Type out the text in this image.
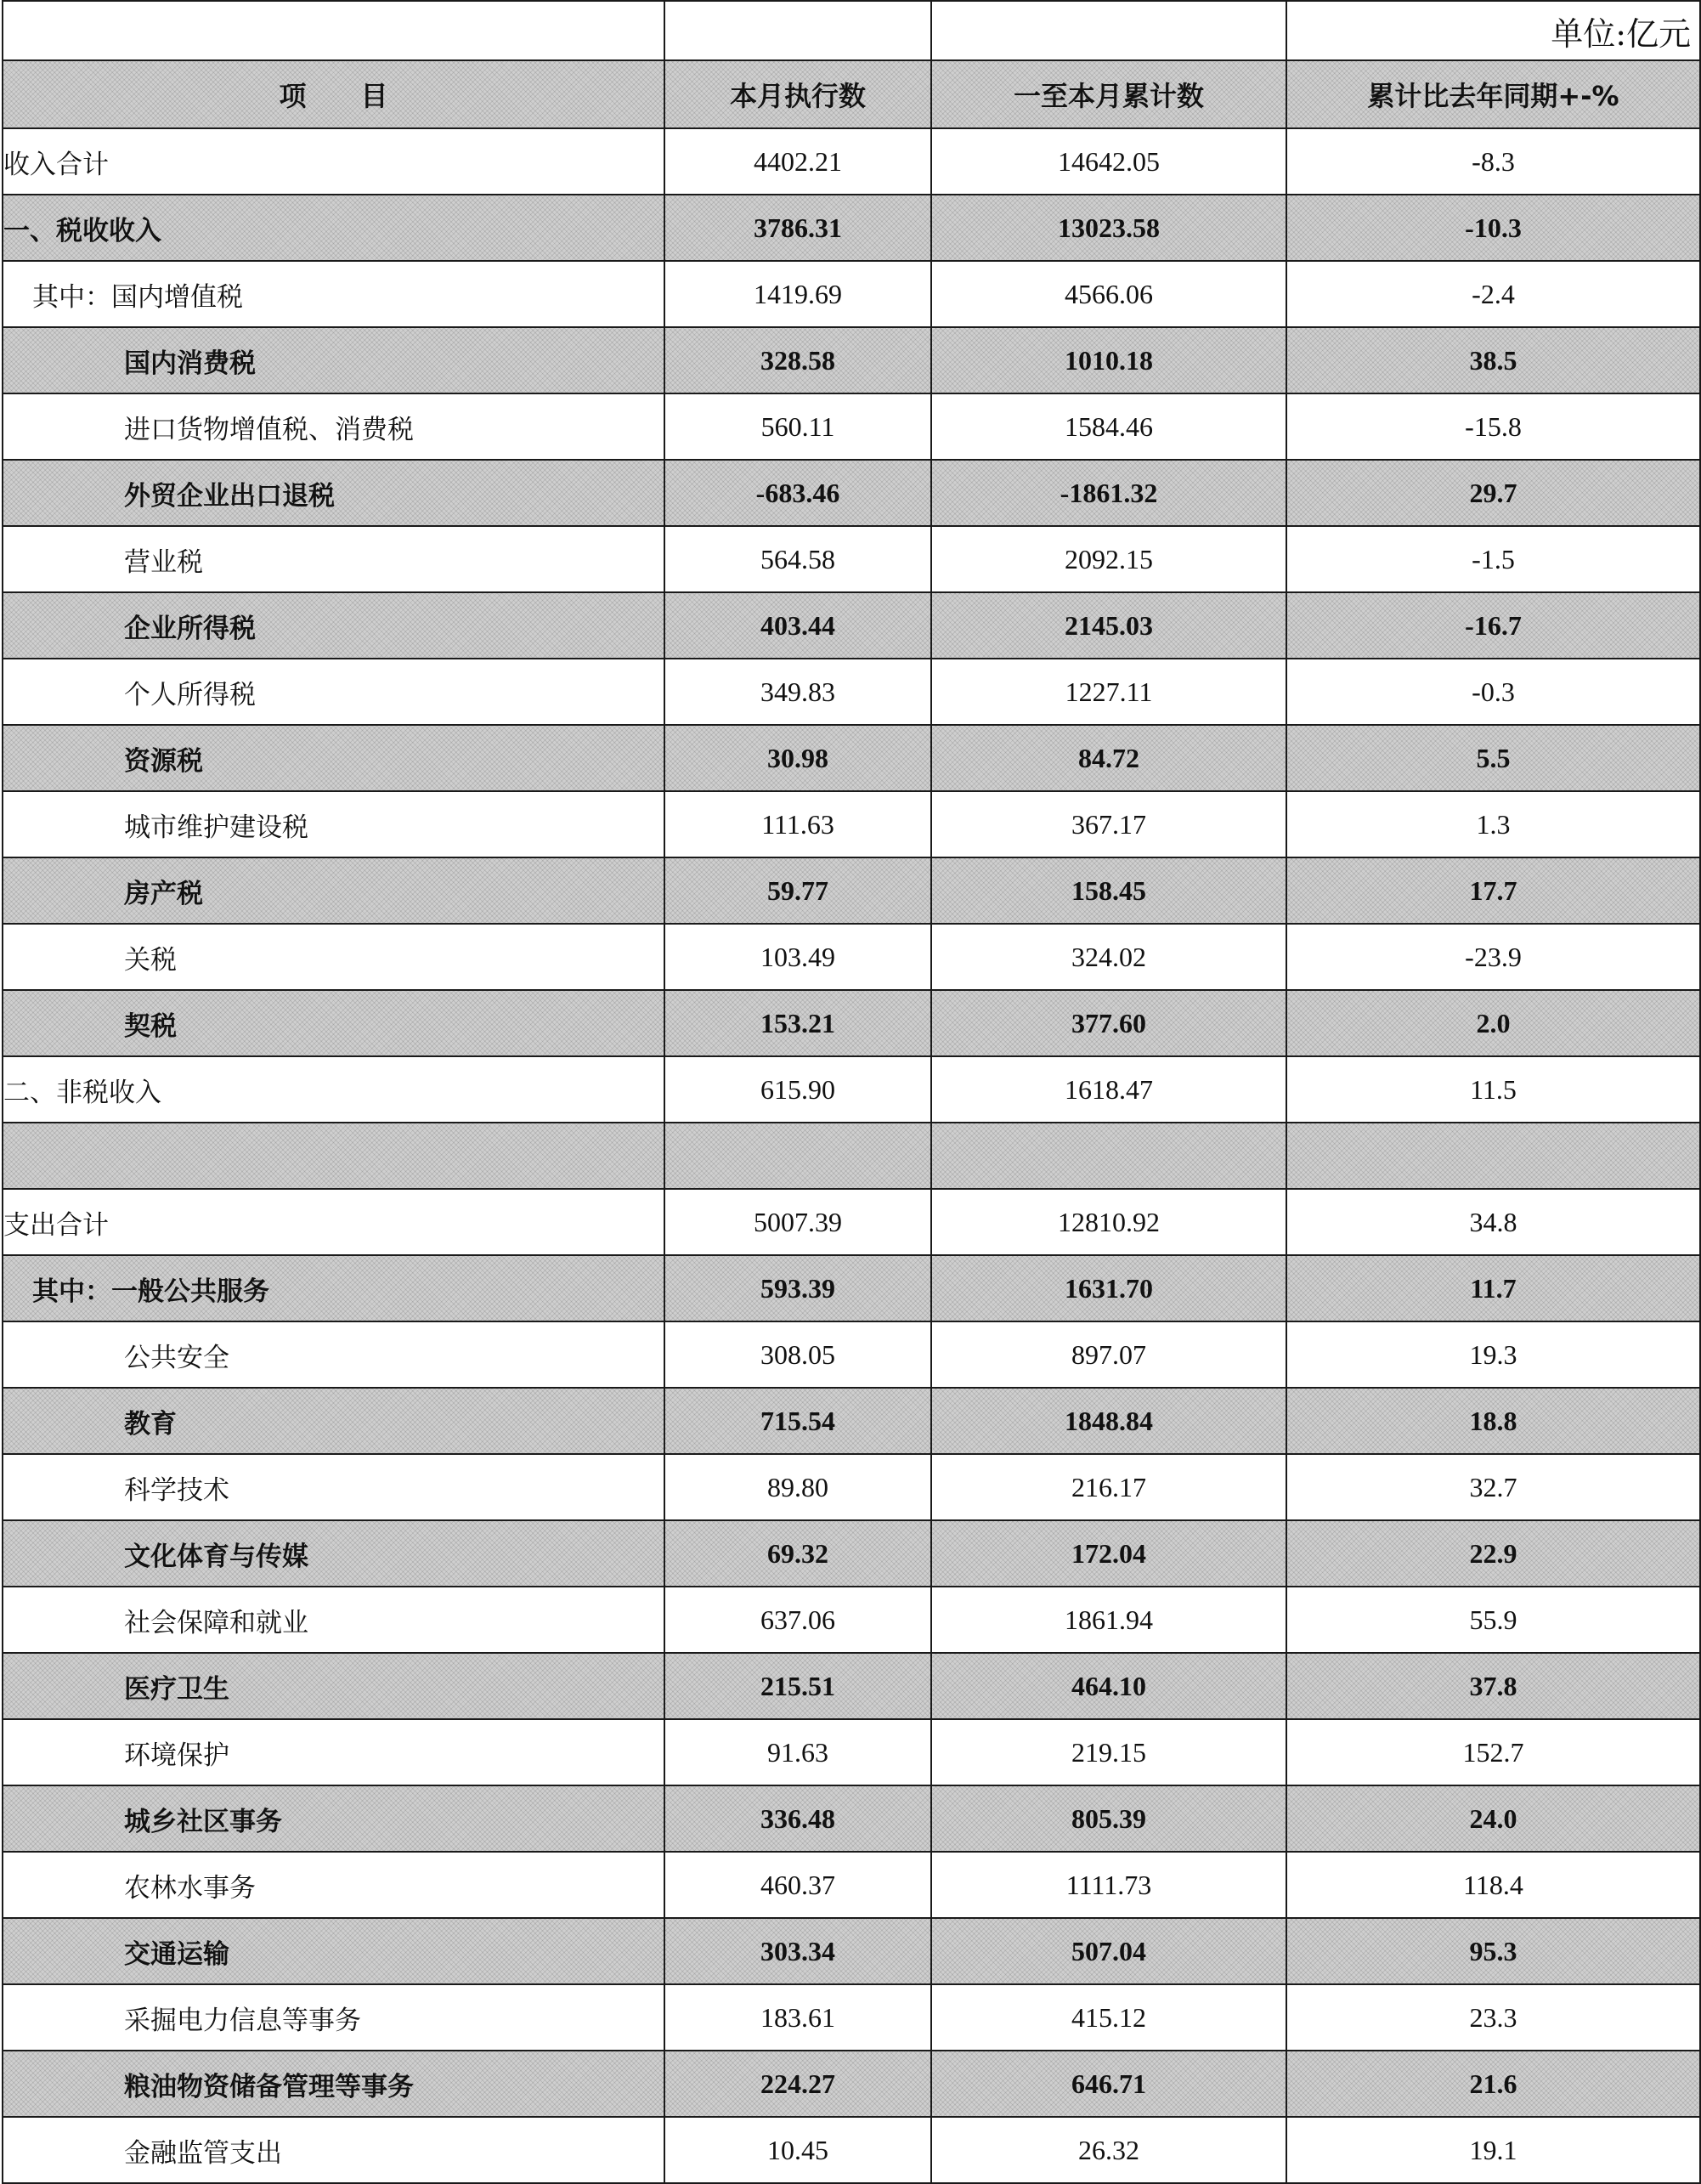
			单位:亿元
项　　目	本月执行数	一至本月累计数	累计比去年同期+-%
收入合计	4402.21	14642.05	-8.3
一、税收收入	3786.31	13023.58	-10.3
其中：国内增值税	1419.69	4566.06	-2.4
国内消费税	328.58	1010.18	38.5
进口货物增值税、消费税	560.11	1584.46	-15.8
外贸企业出口退税	-683.46	-1861.32	29.7
营业税	564.58	2092.15	-1.5
企业所得税	403.44	2145.03	-16.7
个人所得税	349.83	1227.11	-0.3
资源税	30.98	84.72	5.5
城市维护建设税	111.63	367.17	1.3
房产税	59.77	158.45	17.7
关税	103.49	324.02	-23.9
契税	153.21	377.60	2.0
二、非税收入	615.90	1618.47	11.5

支出合计	5007.39	12810.92	34.8
其中：一般公共服务	593.39	1631.70	11.7
公共安全	308.05	897.07	19.3
教育	715.54	1848.84	18.8
科学技术	89.80	216.17	32.7
文化体育与传媒	69.32	172.04	22.9
社会保障和就业	637.06	1861.94	55.9
医疗卫生	215.51	464.10	37.8
环境保护	91.63	219.15	152.7
城乡社区事务	336.48	805.39	24.0
农林水事务	460.37	1111.73	118.4
交通运输	303.34	507.04	95.3
采掘电力信息等事务	183.61	415.12	23.3
粮油物资储备管理等事务	224.27	646.71	21.6
金融监管支出	10.45	26.32	19.1
